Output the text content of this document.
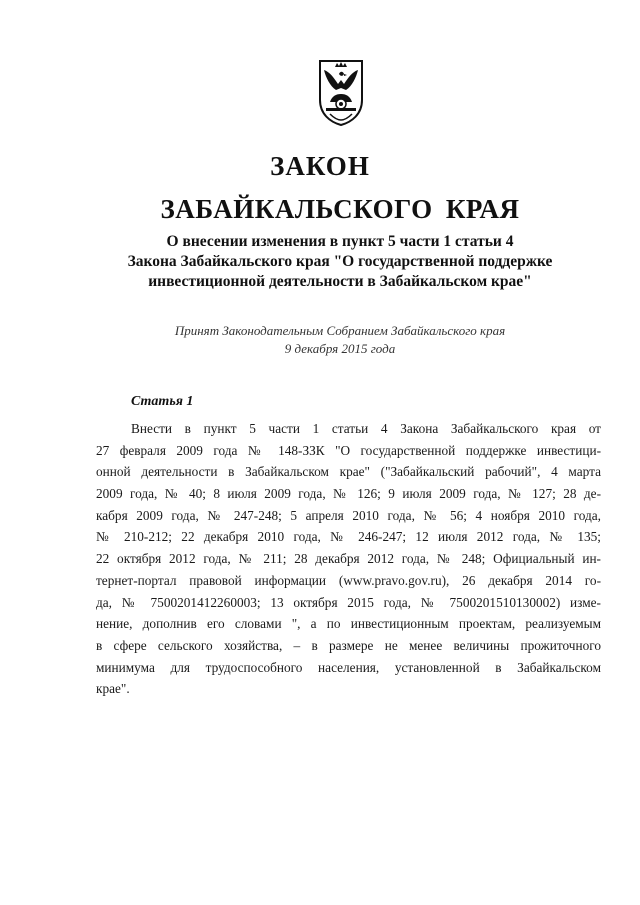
ЗАКОН
ЗАБАЙКАЛЬСКОГО КРАЯ
О внесении изменения в пункт 5 части 1 статьи 4
Закона Забайкальского края "О государственной поддержке
инвестиционной деятельности в Забайкальском крае"
Принят Законодательным Собранием Забайкальского края
9 декабря 2015 года
Статья 1
Внести в пункт 5 части 1 статьи 4 Закона Забайкальского края от
27 февраля 2009 года № 148-ЗЗК "О государственной поддержке инвестици-
онной деятельности в Забайкальском крае" ("Забайкальский рабочий", 4 марта
2009 года, № 40; 8 июля 2009 года, № 126; 9 июля 2009 года, № 127; 28 де-
кабря 2009 года, № 247-248; 5 апреля 2010 года, № 56; 4 ноября 2010 года,
№ 210-212; 22 декабря 2010 года, № 246-247; 12 июля 2012 года, № 135;
22 октября 2012 года, № 211; 28 декабря 2012 года, № 248; Официальный ин-
тернет-портал правовой информации (www.pravo.gov.ru), 26 декабря 2014 го-
да, № 7500201412260003; 13 октября 2015 года, № 7500201510130002) изме-
нение, дополнив его словами ", а по инвестиционным проектам, реализуемым
в сфере сельского хозяйства, – в размере не менее величины прожиточного
минимума для трудоспособного населения, установленной в Забайкальском
крае".
